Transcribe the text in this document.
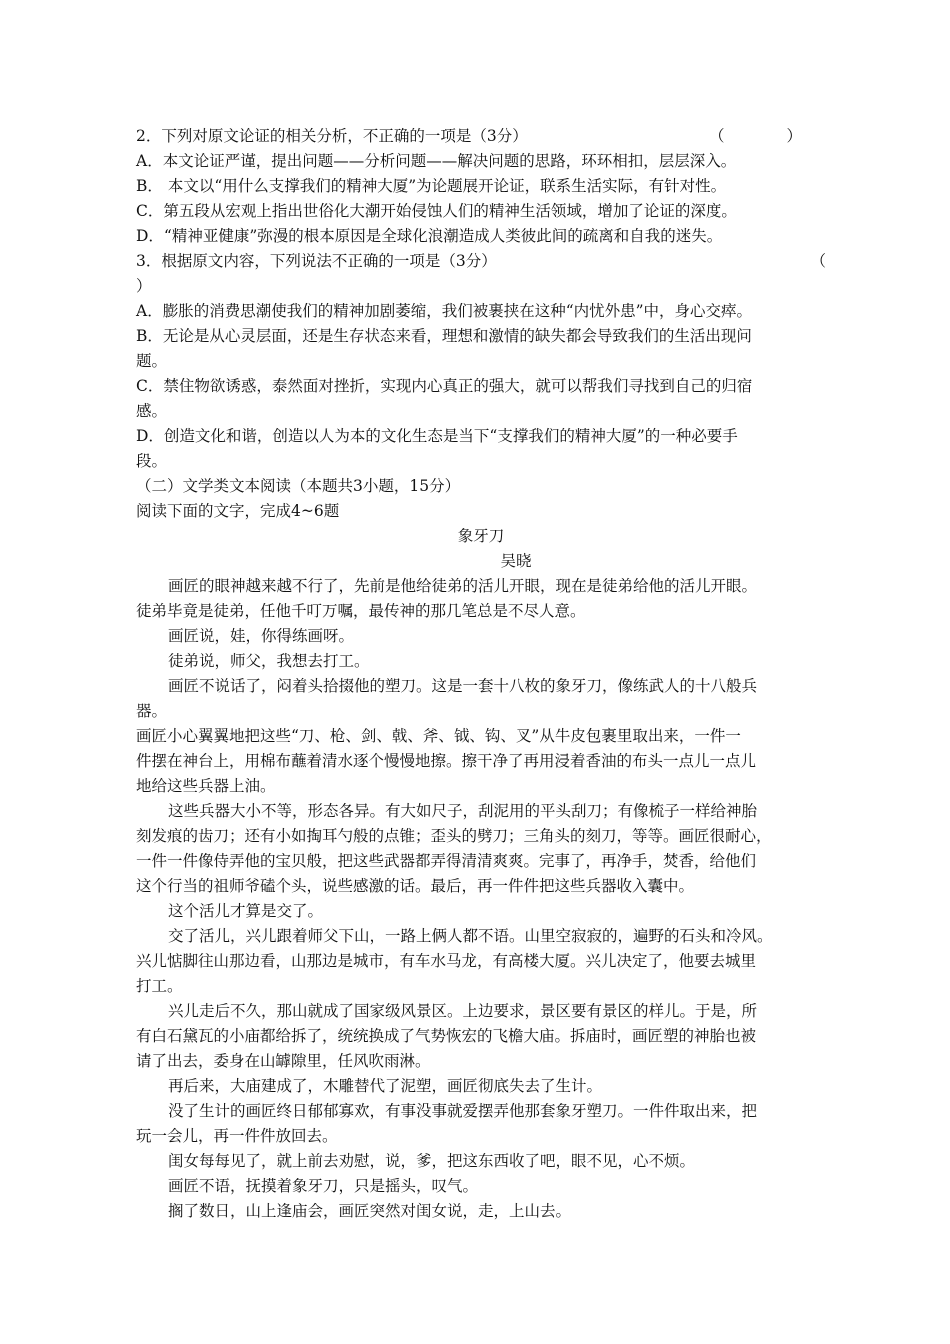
2．下列对原文论证的相关分析，不正确的一项是（3分）	（　　　　）
A．本文论证严谨，提出问题——分析问题——解决问题的思路，环环相扣，层层深入。
B． 本文以“用什么支撑我们的精神大厦”为论题展开论证，联系生活实际，有针对性。
C．第五段从宏观上指出世俗化大潮开始侵蚀人们的精神生活领域，增加了论证的深度。
D．“精神亚健康”弥漫的根本原因是全球化浪潮造成人类彼此间的疏离和自我的迷失。
3．根据原文内容，下列说法不正确的一项是（3分）	（
）
A．膨胀的消费思潮使我们的精神加剧萎缩，我们被裹挟在这种“内忧外患”中，身心交瘁。
B．无论是从心灵层面，还是生存状态来看，理想和激情的缺失都会导致我们的生活出现问
题。
C．禁住物欲诱惑，泰然面对挫折，实现内心真正的强大，就可以帮我们寻找到自己的归宿
感。
D．创造文化和谐，创造以人为本的文化生态是当下“支撑我们的精神大厦”的一种必要手
段。
（二）文学类文本阅读（本题共3小题，15分）
阅读下面的文字，完成4~6题
象牙刀
吴晓
画匠的眼神越来越不行了，先前是他给徒弟的活儿开眼，现在是徒弟给他的活儿开眼。
徒弟毕竟是徒弟，任他千叮万嘱，最传神的那几笔总是不尽人意。
画匠说，娃，你得练画呀。
徒弟说，师父，我想去打工。
画匠不说话了，闷着头拾掇他的塑刀。这是一套十八枚的象牙刀，像练武人的十八般兵
器。
画匠小心翼翼地把这些“刀、枪、剑、戟、斧、钺、钩、叉”从牛皮包裹里取出来，一件一
件摆在神台上，用棉布蘸着清水逐个慢慢地擦。擦干净了再用浸着香油的布头一点儿一点儿
地给这些兵器上油。
这些兵器大小不等，形态各异。有大如尺子，刮泥用的平头刮刀；有像梳子一样给神胎
刻发痕的齿刀；还有小如掏耳勺般的点锥；歪头的劈刀；三角头的刻刀，等等。画匠很耐心，
一件一件像侍弄他的宝贝般，把这些武器都弄得清清爽爽。完事了，再净手，焚香，给他们
这个行当的祖师爷磕个头，说些感激的话。最后，再一件件把这些兵器收入囊中。
这个活儿才算是交了。
交了活儿，兴儿跟着师父下山，一路上俩人都不语。山里空寂寂的，遍野的石头和冷风。
兴儿惦脚往山那边看，山那边是城市，有车水马龙，有高楼大厦。兴儿决定了，他要去城里
打工。
兴儿走后不久，那山就成了国家级风景区。上边要求，景区要有景区的样儿。于是，所
有白石黛瓦的小庙都给拆了，统统换成了气势恢宏的飞檐大庙。拆庙时，画匠塑的神胎也被
请了出去，委身在山罅隙里，任风吹雨淋。
再后来，大庙建成了，木雕替代了泥塑，画匠彻底失去了生计。
没了生计的画匠终日郁郁寡欢，有事没事就爱摆弄他那套象牙塑刀。一件件取出来，把
玩一会儿，再一件件放回去。
闺女每每见了，就上前去劝慰，说，爹，把这东西收了吧，眼不见，心不烦。
画匠不语，抚摸着象牙刀，只是摇头，叹气。
搁了数日，山上逢庙会，画匠突然对闺女说，走，上山去。
